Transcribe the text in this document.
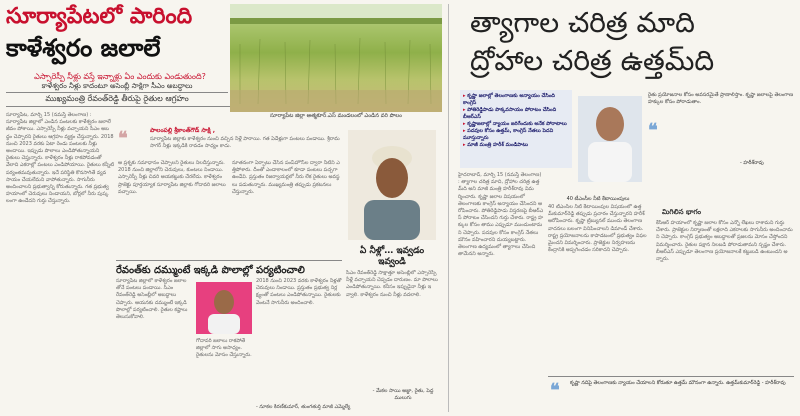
సూర్యాపేటలో పారింది
కాళేశ్వరం జలాలే
ఎస్సారెస్పీ నీళ్లు వస్తే ఇన్నాళ్లు ఏం ఎందుకు ఎండుతుంది?
కాళేశ్వరం నీళ్లు కాదంటూ అసెంబ్లీ సాక్షిగా సీఎం అబద్ధాలు
ముఖ్యమంత్రి రేవంత్‌రెడ్డి తీరుపై రైతుల ఆగ్రహం
సూర్యాపేట జిల్లా ఆత్మకూర్.ఎస్ మండలంలో ఎండిన వరి పొలం
సూర్యాపేట, మార్చి 15 (నమస్తే తెలంగాణ) : సూర్యాపేట జిల్లాలో ఎండిన పంటలకు కాళేశ్వరం జలాలే జీవం పోశాయి. ఎస్సారెస్పీ నీళ్లు వచ్చాయని సీఎం అబద్ధం చెప్పారని రైతులు ఆగ్రహం వ్యక్తం చేస్తున్నారు. 2018 నుంచి 2023 వరకు ఏటా రెండు పంటలకు నీళ్లు అందాయి. ఇప్పుడు పొలాలు ఎండిపోతున్నాయని రైతులు చెప్తున్నారు. కాళేశ్వరం నీళ్లు రాకపోవడంతో వేలాది ఎకరాల్లో పంటలు ఎండిపోయాయి. రైతులు కన్నీటి పర్యంతమవుతున్నారు. ఇదే పరిస్థితి కొనసాగితే వ్యవసాయం చేయలేమని వాపోతున్నారు. సాగునీరు అందించాలని ప్రభుత్వాన్ని కోరుతున్నారు. గత ప్రభుత్వ హయాంలో చెరువులు నిండాయని, బోర్లలో నీరు పుష్కలంగా ఉండేదని గుర్తు చేస్తున్నారు.
❝	పాలంపల్లి శ్రీకాంత్‌గౌడ్ సాక్షి ,
సూర్యాపేట జిల్లాకు కాళేశ్వరం నుంచి వచ్చిన నీళ్లే పారాయి. గత ఏడేళ్లుగా పంటలు పండాయి. శ్రీరామసాగర్ నీళ్లు ఇక్కడికి రావడం సాధ్యం కాదు.
ఆ ప్రశ్నకు సమాధానం చెప్పాలని రైతులు నిలదీస్తున్నారు. 2018 నుంచి జిల్లాలోని చెరువులు, కుంటలు నిండాయి. ఎస్సారెస్పీ నీళ్లు చివరి ఆయకట్టుకు చేరలేదు. కాళేశ్వరం ప్రాజెక్టు పూర్తయ్యాక సూర్యాపేట జిల్లాకు గోదావరి జలాలు వచ్చాయి.
నూతనంగా ఏర్పాటు చేసిన పంప్‌హౌస్‌ల ద్వారా నీటిని ఎత్తిపోశారు. దీంతో ఎండాకాలంలో కూడా పంటలు పచ్చగా ఉండేవి. ప్రస్తుతం రిజర్వాయర్లలో నీరు లేక రైతులు అవస్థలు పడుతున్నారు. ముఖ్యమంత్రి తప్పుడు ప్రకటనలు చేస్తున్నారు.
ఏ నీళ్లో… ఇవ్వడం ఇవ్వండి
సీఎం రేవంత్‌రెడ్డి సాక్షాత్తూ అసెంబ్లీలో ఎస్సారెస్పీ నీళ్లే వచ్చాయని చెప్పడం దారుణం. మా పొలాలు ఎండిపోతున్నాయి. కనీసం ఇప్పుడైనా నీళ్లు ఇవ్వాలి. కాళేశ్వరం నుంచి నీళ్లు వదలాలి.
- మేకల సాయి అజ్జా, రైతు, పెద్ద ములుగు
రేవంత్‌కు దమ్ముంటే ఇక్కడి పొలాల్లో పర్యటించాలి
సూర్యాపేట జిల్లాలో కాళేశ్వరం జలాలతోనే పంటలు పండాయి. సీఎం రేవంత్‌రెడ్డి అసెంబ్లీలో అబద్ధాలు చెప్పారు. ఆయనకు దమ్ముంటే ఇక్కడి పొలాల్లో పర్యటించాలి. రైతుల కష్టాలు తెలుసుకోవాలి.
గోదావరి జలాలు రాకపోతే జిల్లాలో సాగు అసాధ్యం. రైతులను మోసం చేస్తున్నారు.
2018 నుంచి 2023 వరకు కాళేశ్వరం నీళ్లతో చెరువులు నిండాయి. ప్రస్తుతం ప్రభుత్వ నిర్లక్ష్యంతో పంటలు ఎండిపోతున్నాయి. రైతులకు వెంటనే సాగునీరు అందించాలి.
- నూకల కిరణ్‌కుమార్, తుంగతుర్తి మాజీ ఎమ్మెల్యే
త్యాగాల చరిత్ర మాది
ద్రోహాల చరిత్ర ఉత్తమ్‌ది
▸ కృష్ణా జలాల్లో తెలంగాణకు అన్యాయం చేసింది కాంగ్రెస్
▸ పోతిరెడ్డిపాడు పొక్కవసాయం పోరాటం చేసింది బీఆర్ఎస్
▸ కృష్ణాజలాల్లో న్యాయం జరిగేందుకు అనేక పోరాటాలు
▸ పదవుల కోసం ఉత్తమ్, కాంగ్రెస్ నేతలు పెదవి మూస్తున్నారు
▸ మాజీ మంత్రి హరీశ్ మండిపాటు
❝
రైతు ప్రయోజనాల కోసం అవసరమైతే ప్రాణాలిస్తాం. కృష్ణా జలాలపై తెలంగాణ హక్కుల కోసం పోరాడుతాం.
- హరీశ్‌రావు
హైదరాబాద్, మార్చి 15 (నమస్తే తెలంగాణ) : త్యాగాల చరిత్ర మాది, ద్రోహాల చరిత్ర ఉత్తమ్‌ది అని మాజీ మంత్రి హరీశ్‌రావు విమర్శించారు. కృష్ణా జలాల విషయంలో తెలంగాణకు కాంగ్రెస్ అన్యాయం చేసిందని ఆరోపించారు. పోతిరెడ్డిపాడు విస్తరణపై బీఆర్ఎస్ పోరాటం చేసిందని గుర్తు చేశారు. రాష్ట్ర హక్కుల కోసం తాము ఎప్పుడూ ముందుంటామని చెప్పారు. పదవుల కోసం కాంగ్రెస్ నేతలు మౌనం వహించారని దుయ్యబట్టారు. తెలంగాణ ఉద్యమంలో త్యాగాలు చేసింది తామేనని అన్నారు.
40 టీఎంసీల నీటి కేటాయింపులు
40 టీఎంసీల నీటి కేటాయింపుల విషయంలో ఉత్తమ్‌కుమార్‌రెడ్డి తప్పుడు ప్రచారం చేస్తున్నారని హరీశ్ ఆరోపించారు. కృష్ణా ట్రిబ్యునల్ ముందు తెలంగాణ వాదనలు బలంగా వినిపించాలని డిమాండ్ చేశారు. రాష్ట్ర ప్రయోజనాలను కాపాడటంలో ప్రభుత్వం విఫలమైందని విమర్శించారు. ప్రాజెక్టుల నిర్వహణను కేంద్రానికి అప్పగించడం సరికాదని చెప్పారు.
మిగిలిన భాగం
కేసీఆర్ హయాంలో కృష్ణా జలాల కోసం ఎన్నో లేఖలు రాశామని గుర్తు చేశారు. ప్రాజెక్టుల నిర్మాణంతో లక్షలాది ఎకరాలకు సాగునీరు అందించామని చెప్పారు. కాంగ్రెస్ ప్రభుత్వం అబద్ధాలతో ప్రజలను మోసం చేస్తోందని విమర్శించారు. రైతుల పక్షాన నిలబడి పోరాడుతామని స్పష్టం చేశారు. బీఆర్ఎస్ ఎప్పుడూ తెలంగాణ ప్రయోజనాలకే కట్టుబడి ఉంటుందని అన్నారు.
❝ కృష్ణా నదిపై తెలంగాణకు న్యాయం చేయాలని కోరుతూ ఉత్తమ్ మౌనంగా ఉన్నారు. ఉత్తమ్‌కుమార్‌రెడ్డి - హరీశ్‌రావు
